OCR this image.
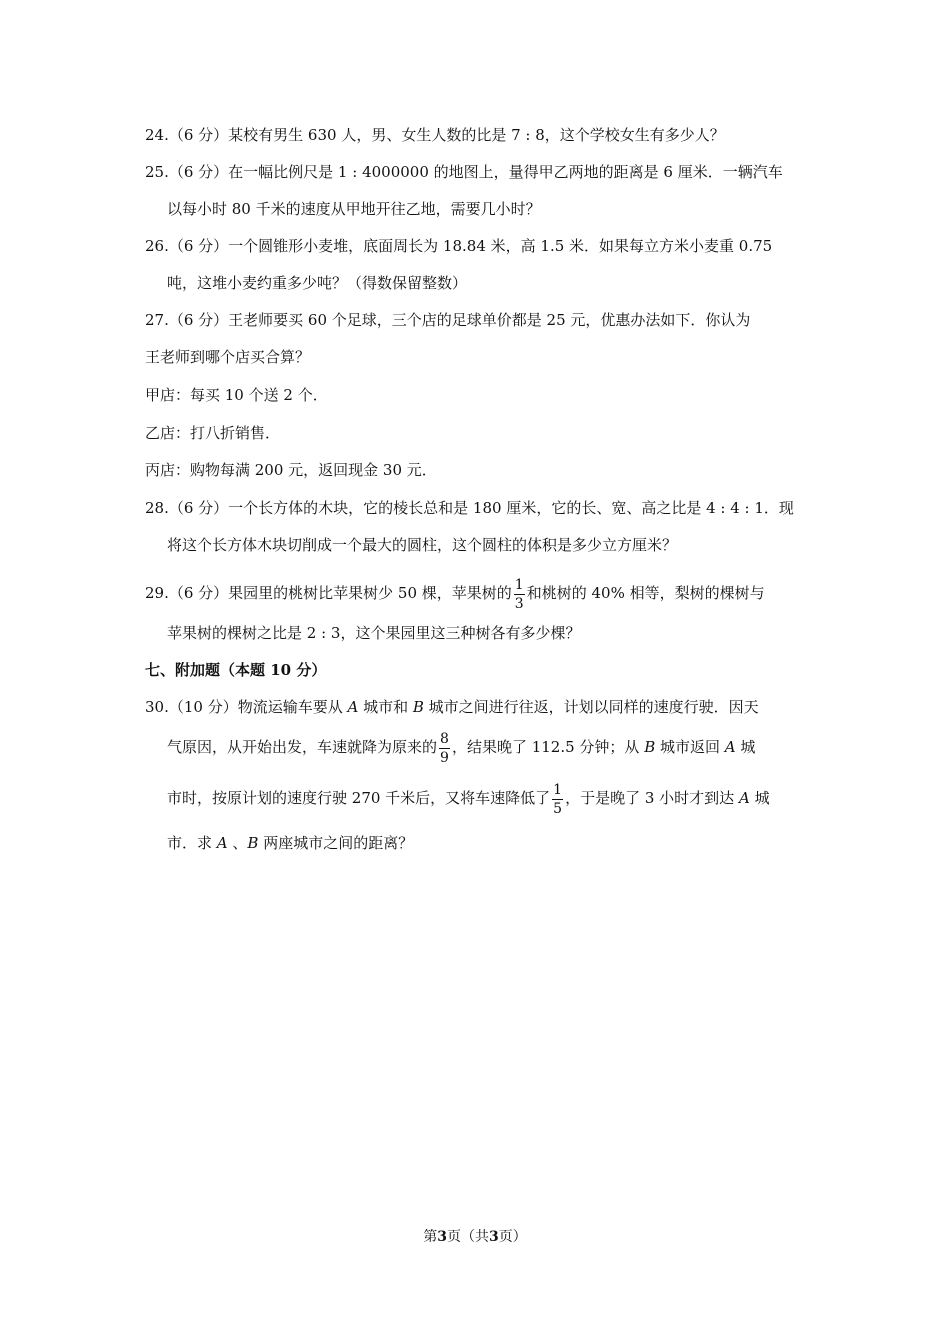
24.（6 分）某校有男生 630 人，男、女生人数的比是 7 : 8，这个学校女生有多少人？
25.（6 分）在一幅比例尺是 1 : 4000000 的地图上，量得甲乙两地的距离是 6 厘米．一辆汽车
以每小时 80 千米的速度从甲地开往乙地，需要几小时？
26.（6 分）一个圆锥形小麦堆，底面周长为 18.84 米，高 1.5 米．如果每立方米小麦重 0.75
吨，这堆小麦约重多少吨？（得数保留整数）
27.（6 分）王老师要买 60 个足球，三个店的足球单价都是 25 元，优惠办法如下．你认为
王老师到哪个店买合算？
甲店：每买 10 个送 2 个．
乙店：打八折销售．
丙店：购物每满 200 元，返回现金 30 元．
28.（6 分）一个长方体的木块，它的棱长总和是 180 厘米，它的长、宽、高之比是 4 : 4 : 1．现
将这个长方体木块切削成一个最大的圆柱，这个圆柱的体积是多少立方厘米？
29.（6 分）果园里的桃树比苹果树少 50 棵，苹果树的 $\frac{1}{3}$ 和桃树的 40% 相等，梨树的棵树与
苹果树的棵树之比是 2 : 3，这个果园里这三种树各有多少棵？
七、附加题（本题 10 分）
30.（10 分）物流运输车要从 A 城市和 B 城市之间进行往返，计划以同样的速度行驶．因天
气原因，从开始出发，车速就降为原来的 $\frac{8}{9}$ ，结果晚了 112.5 分钟；从 B 城市返回 A 城
市时，按原计划的速度行驶 270 千米后，又将车速降低了 $\frac{1}{5}$ ，于是晚了 3 小时才到达 A 城
市．求 A 、B 两座城市之间的距离？
第3页（共3页）
